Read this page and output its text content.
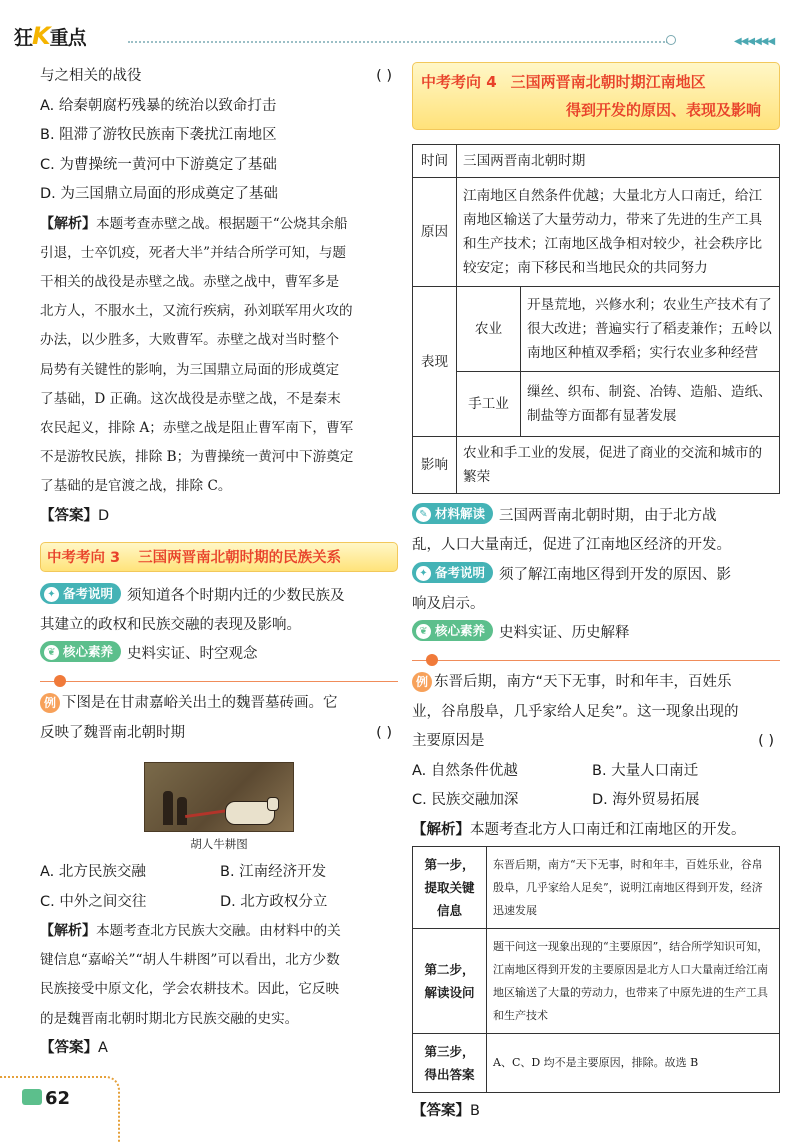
狂K重点	◀◀◀◀◀◀
与之相关的战役	( )
A. 给秦朝腐朽残暴的统治以致命打击
B. 阻滞了游牧民族南下袭扰江南地区
C. 为曹操统一黄河中下游奠定了基础
D. 为三国鼎立局面的形成奠定了基础
【解析】本题考查赤壁之战。根据题干“公烧其余船
引退，士卒饥疫，死者大半”并结合所学可知，与题
干相关的战役是赤壁之战。赤壁之战中，曹军多是
北方人，不服水土，又流行疾病，孙刘联军用火攻的
办法，以少胜多，大败曹军。赤壁之战对当时整个
局势有关键性的影响，为三国鼎立局面的形成奠定
了基础，D 正确。这次战役是赤壁之战，不是秦末
农民起义，排除 A；赤壁之战是阻止曹军南下，曹军
不是游牧民族，排除 B；为曹操统一黄河中下游奠定
了基础的是官渡之战，排除 C。
【答案】D
中考考向 3 三国两晋南北朝时期的民族关系
✦ 备考说明 须知道各个时期内迁的少数民族及
其建立的政权和民族交融的表现及影响。
❦ 核心素养 史料实证、时空观念
例 下图是在甘肃嘉峪关出土的魏晋墓砖画。它
反映了魏晋南北朝时期	( )
胡人牛耕图
A. 北方民族交融	B. 江南经济开发
C. 中外之间交往	D. 北方政权分立
【解析】本题考查北方民族大交融。由材料中的关
键信息“嘉峪关”“胡人牛耕图”可以看出，北方少数
民族接受中原文化，学会农耕技术。因此，它反映
的是魏晋南北朝时期北方民族交融的史实。
【答案】A
中考考向 4 三国两晋南北朝时期江南地区
得到开发的原因、表现及影响
时间	三国两晋南北朝时期	
原因	江南地区自然条件优越；大量北方人口南迁，给江南地区输送了大量劳动力，带来了先进的生产工具和生产技术；江南地区战争相对较少，社会秩序比较安定；南下移民和当地民众的共同努力	
表现	农业	开垦荒地，兴修水利；农业生产技术有了很大改进；普遍实行了稻麦兼作；五岭以南地区种植双季稻；实行农业多种经营
	手工业	缫丝、织布、制瓷、冶铸、造船、造纸、制盐等方面都有显著发展
影响	农业和手工业的发展，促进了商业的交流和城市的繁荣	
✎ 材料解读 三国两晋南北朝时期，由于北方战
乱，人口大量南迁，促进了江南地区经济的开发。
✦ 备考说明 须了解江南地区得到开发的原因、影
响及启示。
❦ 核心素养 史料实证、历史解释
例 东晋后期，南方“天下无事，时和年丰，百姓乐
业，谷帛殷阜，几乎家给人足矣”。这一现象出现的
主要原因是	( )
A. 自然条件优越	B. 大量人口南迁
C. 民族交融加深	D. 海外贸易拓展
【解析】本题考查北方人口南迁和江南地区的开发。
第一步，提取关键信息	东晋后期，南方“天下无事，时和年丰，百姓乐业，谷帛殷阜，几乎家给人足矣”，说明江南地区得到开发，经济迅速发展
第二步，解读设问	题干问这一现象出现的“主要原因”，结合所学知识可知，江南地区得到开发的主要原因是北方人口大量南迁给江南地区输送了大量的劳动力，也带来了中原先进的生产工具和生产技术
第三步，得出答案	A、C、D 均不是主要原因，排除。故选 B
【答案】B
62
